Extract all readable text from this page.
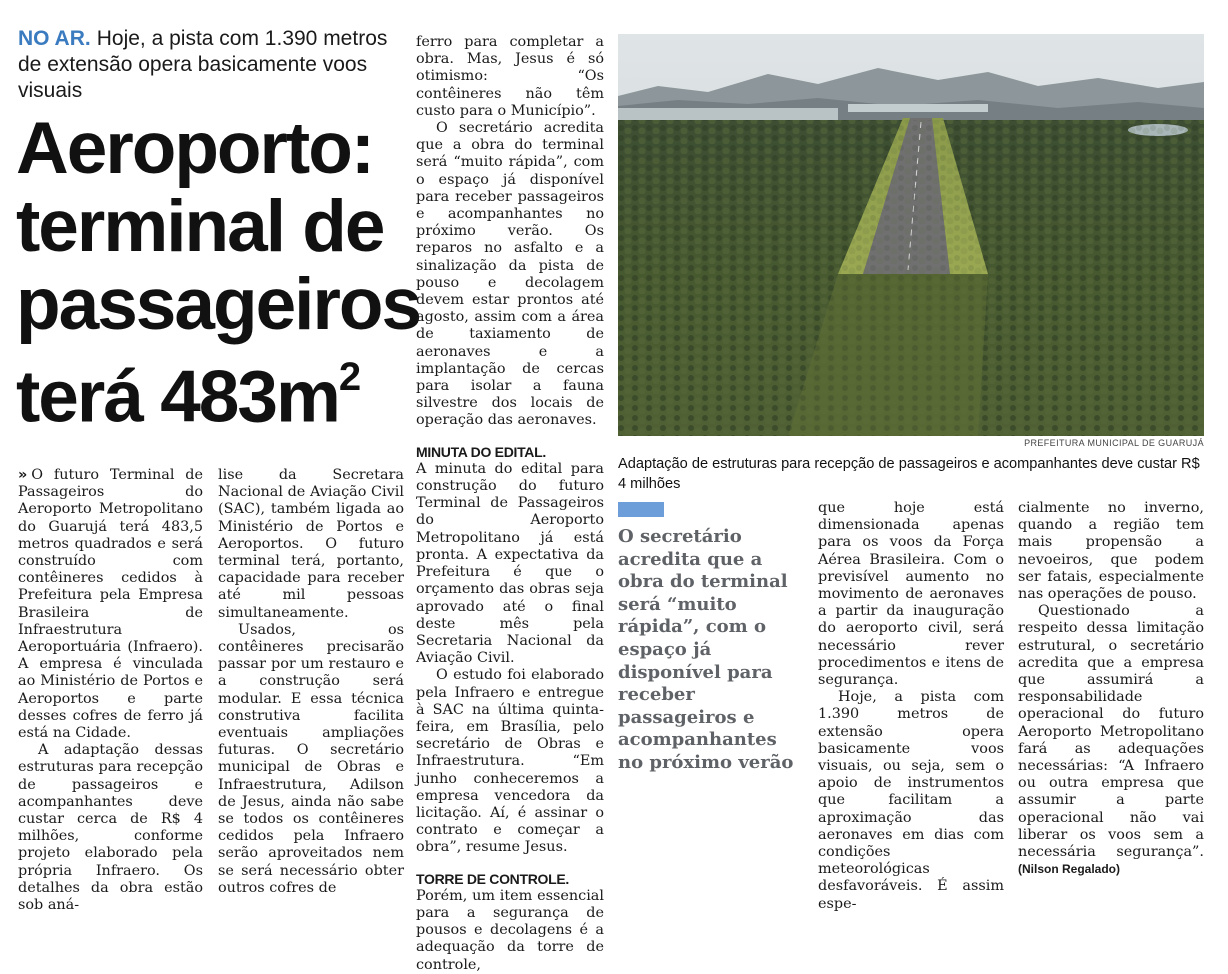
NO AR. Hoje, a pista com 1.390 metros de extensão opera basicamente voos visuais
Aeroporto:
terminal de
passageiros
terá $483m^2$

» O futuro Terminal de Passageiros do Aeroporto Metropolitano do Guarujá terá 483,5 metros quadrados e será construído com contêineres cedidos à Prefeitura pela Empresa Brasileira de Infraestrutura Aeroportuária (Infraero). A empresa é vinculada ao Ministério de Portos e Aeroportos e parte desses cofres de ferro já está na Cidade.

A adaptação dessas estruturas para recepção de passageiros e acompanhantes deve custar cerca de R$ 4 milhões, conforme projeto elaborado pela própria Infraero. Os detalhes da obra estão sob aná-

lise da Secretara Nacional de Aviação Civil (SAC), também ligada ao Ministério de Portos e Aeroportos. O futuro terminal terá, portanto, capacidade para receber até mil pessoas simultaneamente.

Usados, os contêineres precisarão passar por um restauro e a construção será modular. E essa técnica construtiva facilita eventuais ampliações futuras. O secretário municipal de Obras e Infraestrutura, Adilson de Jesus, ainda não sabe se todos os contêineres cedidos pela Infraero serão aproveitados nem se será necessário obter outros cofres de

ferro para completar a obra. Mas, Jesus é só otimismo: “Os contêineres não têm custo para o Município”.

O secretário acredita que a obra do terminal será “muito rápida”, com o espaço já disponível para receber passageiros e acompanhantes no próximo verão. Os reparos no asfalto e a sinalização da pista de pouso e decolagem devem estar prontos até agosto, assim com a área de taxiamento de aeronaves e a implantação de cercas para isolar a fauna silvestre dos locais de operação das aeronaves.

MINUTA DO EDITAL.

A minuta do edital para construção do futuro Terminal de Passageiros do Aeroporto Metropolitano já está pronta. A expectativa da Prefeitura é que o orçamento das obras seja aprovado até o final deste mês pela Secretaria Nacional da Aviação Civil.

O estudo foi elaborado pela Infraero e entregue à SAC na última quinta-feira, em Brasília, pelo secretário de Obras e Infraestrutura. “Em junho conheceremos a empresa vencedora da licitação. Aí, é assinar o contrato e começar a obra”, resume Jesus.

TORRE DE CONTROLE.

Porém, um item essencial para a segurança de pousos e decolagens é a adequação da torre de controle,

PREFEITURA MUNICIPAL DE GUARUJÁ
Adaptação de estruturas para recepção de passageiros e acompanhantes deve custar R$ 4 milhões
O secretário acredita que a obra do terminal será “muito rápida”, com o espaço já disponível para receber passageiros e acompanhantes no próximo verão

que hoje está dimensionada apenas para os voos da Força Aérea Brasileira. Com o previsível aumento no movimento de aeronaves a partir da inauguração do aeroporto civil, será necessário rever procedimentos e itens de segurança.

Hoje, a pista com 1.390 metros de extensão opera basicamente voos visuais, ou seja, sem o apoio de instrumentos que facilitam a aproximação das aeronaves em dias com condições meteorológicas desfavoráveis. É assim espe-

cialmente no inverno, quando a região tem mais propensão a nevoeiros, que podem ser fatais, especialmente nas operações de pouso.

Questionado a respeito dessa limitação estrutural, o secretário acredita que a empresa que assumirá a responsabilidade operacional do futuro Aeroporto Metropolitano fará as adequações necessárias: “A Infraero ou outra empresa que assumir a parte operacional não vai liberar os voos sem a necessária segurança”. (Nilson Regalado)
